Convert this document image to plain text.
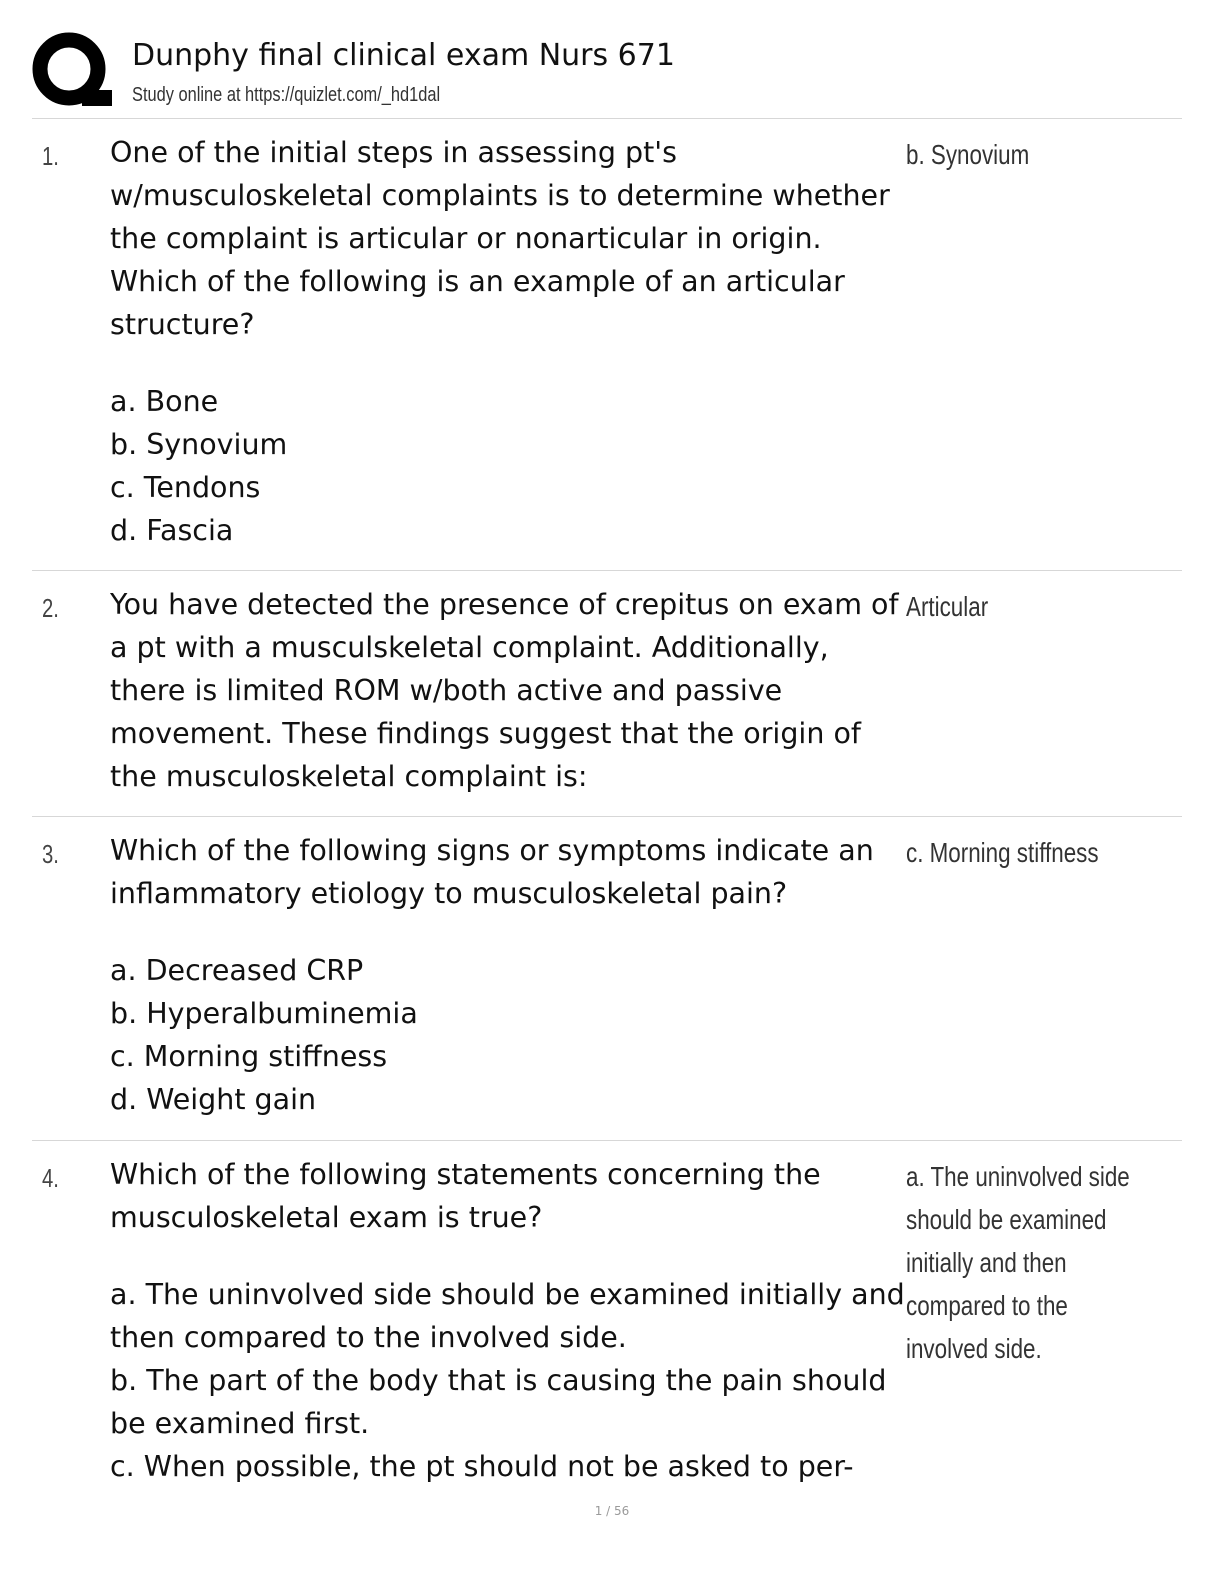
Dunphy final clinical exam Nurs 671
Study online at https://quizlet.com/_hd1dal
1. One of the initial steps in assessing pt's w/musculoskeletal complaints is to determine whether the complaint is articular or nonarticular in origin. Which of the following is an example of an articular structure?

a. Bone

b. Synovium

c. Tendons

d. Fascia

b. Synovium
2. You have detected the presence of crepitus on exam of a pt with a musculskeletal complaint. Additionally, there is limited ROM w/both active and passive movement. These findings suggest that the origin of the musculoskeletal complaint is:

Articular
3. Which of the following signs or symptoms indicate an inflammatory etiology to musculoskeletal pain?

a. Decreased CRP

b. Hyperalbuminemia

c. Morning stiffness

d. Weight gain

c. Morning stiffness
4. Which of the following statements concerning the musculoskeletal exam is true?

a. The uninvolved side should be examined initially and then compared to the involved side.

b. The part of the body that is causing the pain should be examined first.

c. When possible, the pt should not be asked to per-

a. The uninvolved side should be examined initially and then compared to the involved side.
1 / 56
